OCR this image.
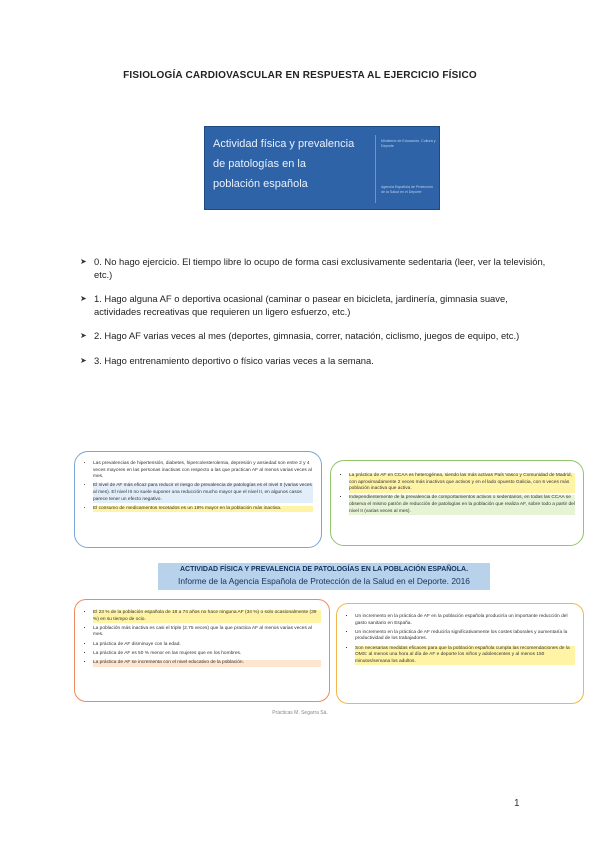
FISIOLOGÍA CARDIOVASCULAR EN RESPUESTA AL EJERCICIO FÍSICO
Actividad física y prevalencia
de patologías en la
población española
Ministerio de Educación, Cultura y Deporte
Agencia Española de Protección de la Salud en el Deporte
➤ 0. No hago ejercicio. El tiempo libre lo ocupo de forma casi exclusivamente sedentaria (leer, ver la televisión, etc.)
➤ 1. Hago alguna AF o deportiva ocasional (caminar o pasear en bicicleta, jardinería, gimnasia suave, actividades recreativas que requieren un ligero esfuerzo, etc.)
➤ 2. Hago AF varias veces al mes (deportes, gimnasia, correr, natación, ciclismo, juegos de equipo, etc.)
➤ 3. Hago entrenamiento deportivo o físico varias veces a la semana.
• Las prevalencias de hipertensión, diabetes, hipercolesterolemia, depresión y ansiedad son entre 2 y 4 veces mayores en las personas inactivas con respecto a las que practican AF al menos varias veces al mes.
• El nivel de AF más eficaz para reducir el riesgo de prevalencia de patologías es el nivel II (varias veces al mes). El nivel III no suele suponer una reducción mucho mayor que el nivel II, en algunos casos parece tener un efecto negativo.
• El consumo de medicamentos recetados es un 18% mayor en la población más inactiva.
▪ La práctica de AF en CCAA es heterogénea, siendo las más activas País Vasco y Comunidad de Madrid, con aproximadamente 2 veces más inactivos que activos y en el lado opuesto Galicia, con 6 veces más población inactiva que activa.
▪ Independientemente de la prevalencia de comportamientos activos o sedentarios, en todas las CCAA se observa el mismo patrón de reducción de patologías en la población que realiza AF, sobre todo a partir del nivel II (varias veces al mes).
ACTIVIDAD FÍSICA Y PREVALENCIA DE PATOLOGÍAS EN LA POBLACIÓN ESPAÑOLA.
Informe de la Agencia Española de Protección de la Salud en el Deporte. 2016
▪ El 23 % de la población española de 18 a 74 años no hace ninguna AF (34 %) o solo ocasionalmente (39 %) en su tiempo de ocio.
▪ La población más inactiva es casi el triple (2.75 veces) que la que practica AF al menos varias veces al mes.
▪ La práctica de AF disminuye con la edad.
▪ La práctica de AF es 50 % menor en las mujeres que en los hombres.
▪ La práctica de AF se incrementa con el nivel educativo de la población.
▪ Un incremento en la práctica de AF en la población española produciría un importante reducción del gasto sanitario en España.
▪ Un incremento en la práctica de AF reduciría significativamente los costes laborales y aumentaría la productividad de los trabajadores.
▪ Son necesarias medidas eficaces para que la población española cumpla las recomendaciones de la OMS: al menos una hora al día de AF e deporte los niños y adolescentes y al menos 150 minutos/semana los adultos.
Prácticas M. Segarra Sá.
1
